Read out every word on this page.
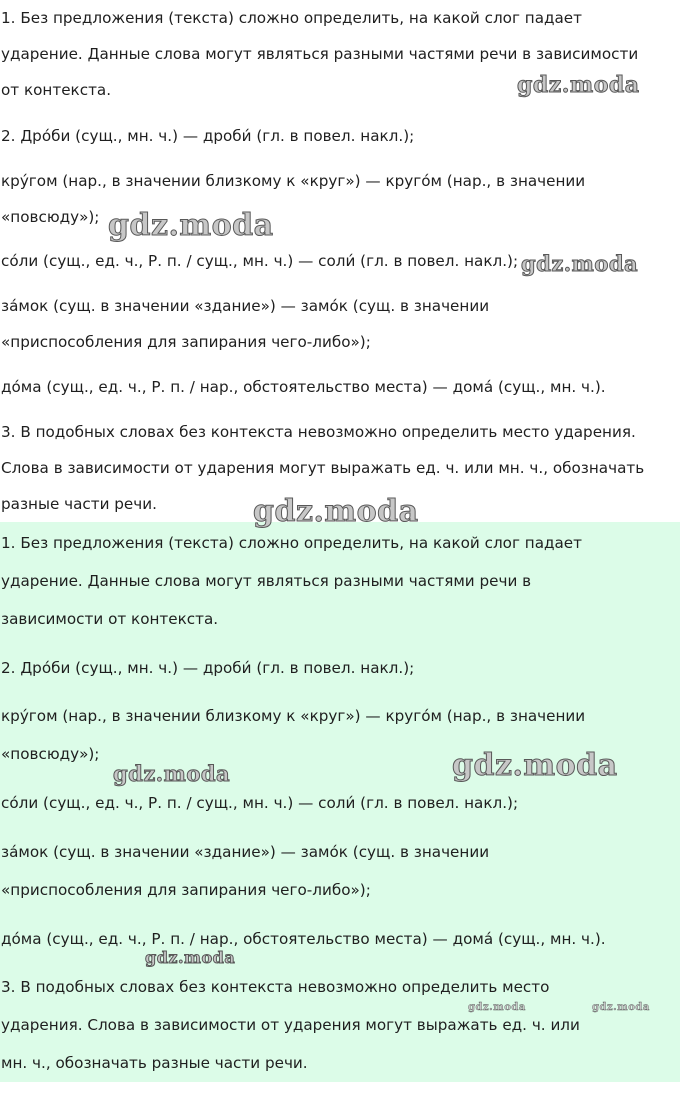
1. Без предложения (текста) сложно определить, на какой слог падает
ударение. Данные слова могут являться разными частями речи в зависимости
от контекста.
2. Дро́би (сущ., мн. ч.) — дроби́ (гл. в повел. накл.);
кру́гом (нар., в значении близкому к «круг») — круго́м (нар., в значении
«повсюду»);
со́ли (сущ., ед. ч., Р. п. / сущ., мн. ч.) — соли́ (гл. в повел. накл.);
за́мок (сущ. в значении «здание») — замо́к (сущ. в значении
«приспособления для запирания чего-либо»);
до́ма (сущ., ед. ч., Р. п. / нар., обстоятельство места) — дома́ (сущ., мн. ч.).
3. В подобных словах без контекста невозможно определить место ударения.
Слова в зависимости от ударения могут выражать ед. ч. или мн. ч., обозначать
разные части речи.
1. Без предложения (текста) сложно определить, на какой слог падает
ударение. Данные слова могут являться разными частями речи в
зависимости от контекста.
2. Дро́би (сущ., мн. ч.) — дроби́ (гл. в повел. накл.);
кру́гом (нар., в значении близкому к «круг») — круго́м (нар., в значении
«повсюду»);
со́ли (сущ., ед. ч., Р. п. / сущ., мн. ч.) — соли́ (гл. в повел. накл.);
за́мок (сущ. в значении «здание») — замо́к (сущ. в значении
«приспособления для запирания чего-либо»);
до́ма (сущ., ед. ч., Р. п. / нар., обстоятельство места) — дома́ (сущ., мн. ч.).
3. В подобных словах без контекста невозможно определить место
ударения. Слова в зависимости от ударения могут выражать ед. ч. или
мн. ч., обозначать разные части речи.
gdz.moda
gdz.moda
gdz.moda
gdz.moda
gdz.moda	gdz.moda
gdz.moda
gdz.moda	gdz.moda
